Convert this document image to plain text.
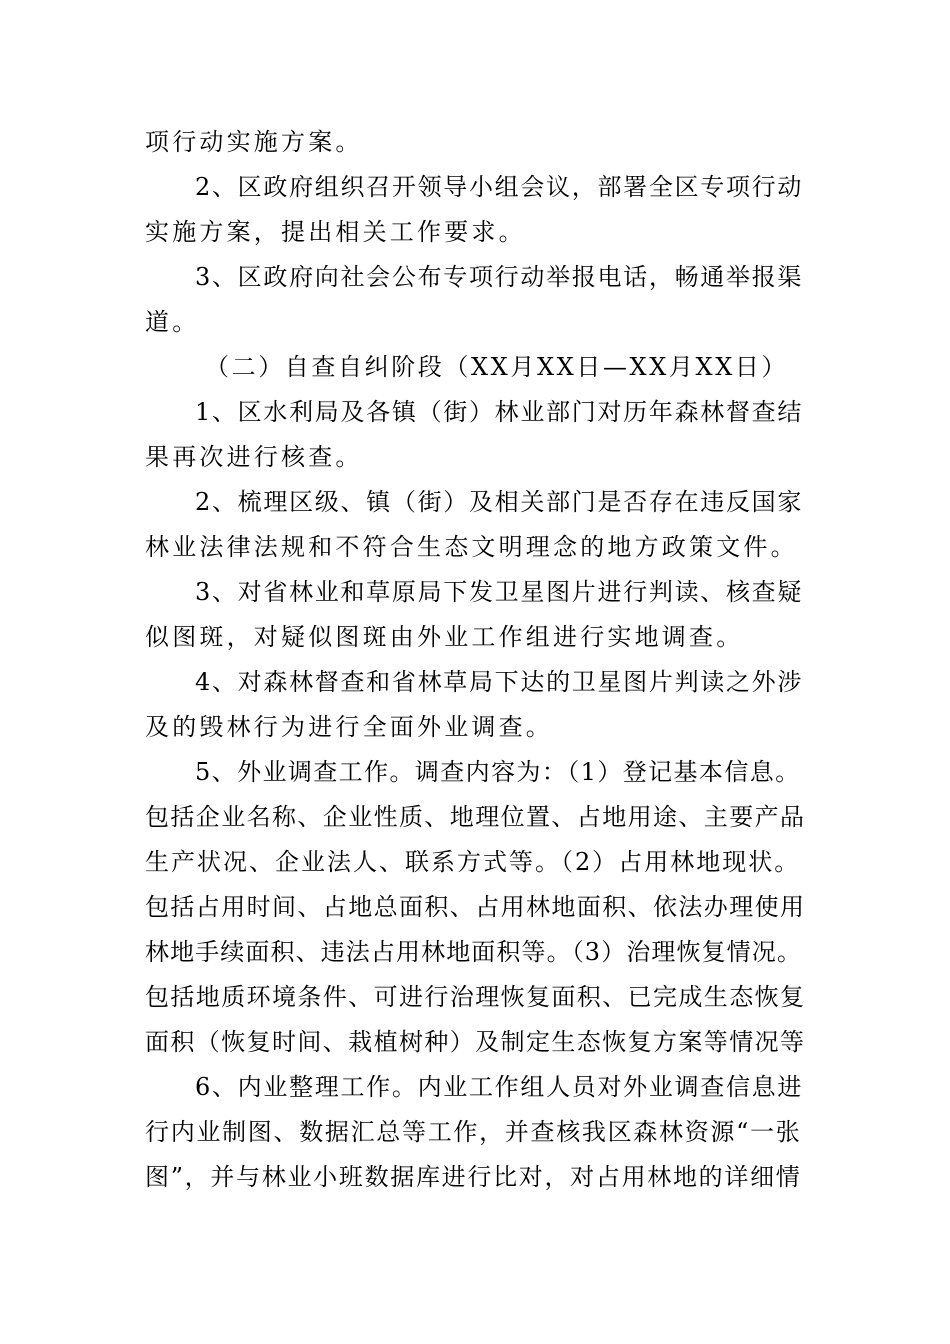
项行动实施方案。
2、区政府组织召开领导小组会议，部署全区专项行动
实施方案，提出相关工作要求。
3、区政府向社会公布专项行动举报电话，畅通举报渠
道。
（二）自查自纠阶段（XX月XX日—XX月XX日）
1、区水利局及各镇（街）林业部门对历年森林督查结
果再次进行核查。
2、梳理区级、镇（街）及相关部门是否存在违反国家
林业法律法规和不符合生态文明理念的地方政策文件。
3、对省林业和草原局下发卫星图片进行判读、核查疑
似图斑，对疑似图斑由外业工作组进行实地调查。
4、对森林督查和省林草局下达的卫星图片判读之外涉
及的毁林行为进行全面外业调查。
5、外业调查工作。调查内容为：（1）登记基本信息。
包括企业名称、企业性质、地理位置、占地用途、主要产品
生产状况、企业法人、联系方式等。（2）占用林地现状。
包括占用时间、占地总面积、占用林地面积、依法办理使用
林地手续面积、违法占用林地面积等。（3）治理恢复情况。
包括地质环境条件、可进行治理恢复面积、已完成生态恢复
面积（恢复时间、栽植树种）及制定生态恢复方案等情况等
6、内业整理工作。内业工作组人员对外业调查信息进
行内业制图、数据汇总等工作，并查核我区森林资源“一张
图”，并与林业小班数据库进行比对，对占用林地的详细情
